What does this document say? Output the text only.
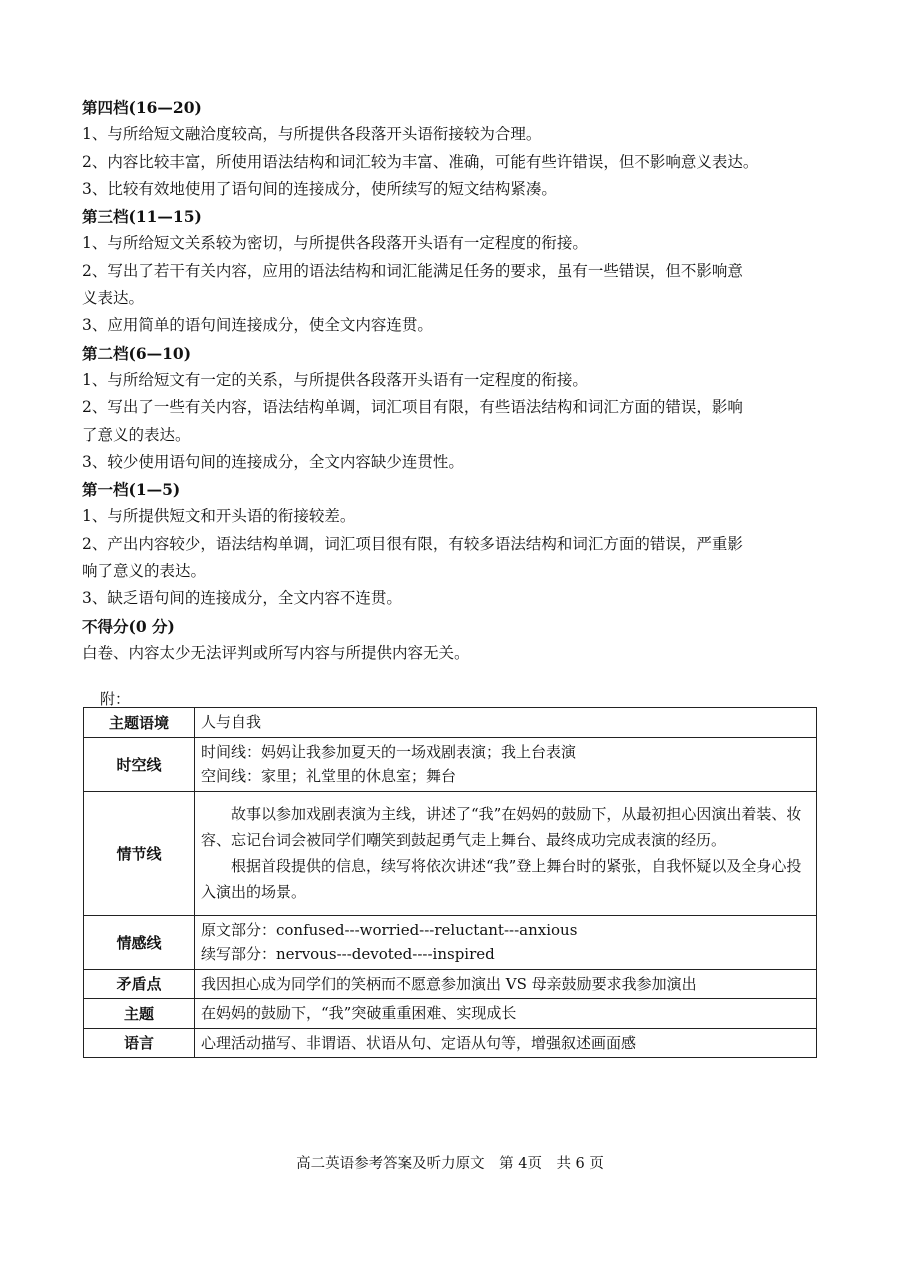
第四档(16—20)
1、与所给短文融洽度较高，与所提供各段落开头语衔接较为合理。
2、内容比较丰富，所使用语法结构和词汇较为丰富、准确，可能有些许错误，但不影响意义表达。
3、比较有效地使用了语句间的连接成分，使所续写的短文结构紧凑。
第三档(11—15)
1、与所给短文关系较为密切，与所提供各段落开头语有一定程度的衔接。
2、写出了若干有关内容，应用的语法结构和词汇能满足任务的要求，虽有一些错误，但不影响意
义表达。
3、应用简单的语句间连接成分，使全文内容连贯。
第二档(6—10)
1、与所给短文有一定的关系，与所提供各段落开头语有一定程度的衔接。
2、写出了一些有关内容，语法结构单调，词汇项目有限，有些语法结构和词汇方面的错误，影响
了意义的表达。
3、较少使用语句间的连接成分，全文内容缺少连贯性。
第一档(1—5)
1、与所提供短文和开头语的衔接较差。
2、产出内容较少，语法结构单调，词汇项目很有限，有较多语法结构和词汇方面的错误，严重影
响了意义的表达。
3、缺乏语句间的连接成分，全文内容不连贯。
不得分(0 分)
白卷、内容太少无法评判或所写内容与所提供内容无关。
附：
主题语境	人与自我
时空线	时间线：妈妈让我参加夏天的一场戏剧表演；我上台表演
空间线：家里；礼堂里的休息室；舞台

情节线	故事以参加戏剧表演为主线，讲述了“我”在妈妈的鼓励下，从最初担心因演出着装、妆容、忘记台词会被同学们嘲笑到鼓起勇气走上舞台、最终成功完成表演的经历。
根据首段提供的信息，续写将依次讲述“我”登上舞台时的紧张，自我怀疑以及全身心投入演出的场景。

情感线	原文部分：confused---worried---reluctant---anxious
续写部分：nervous---devoted----inspired

矛盾点	我因担心成为同学们的笑柄而不愿意参加演出 VS 母亲鼓励要求我参加演出
主题	在妈妈的鼓励下，“我”突破重重困难、实现成长
语言	心理活动描写、非谓语、状语从句、定语从句等，增强叙述画面感
高二英语参考答案及听力原文　第 4页　共 6 页
